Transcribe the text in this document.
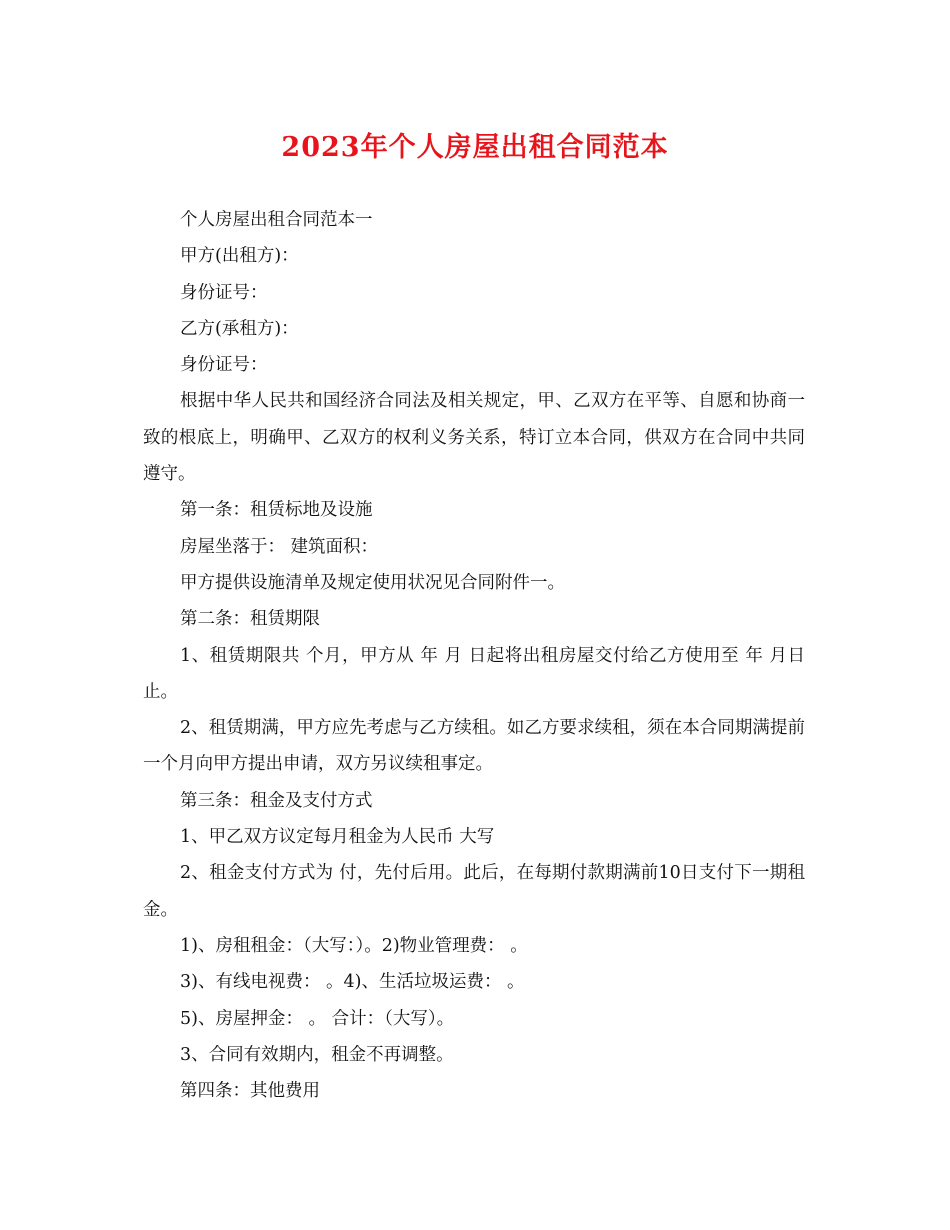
2023年个人房屋出租合同范本

个人房屋出租合同范本一

甲方(出租方)：

身份证号：

乙方(承租方)：

身份证号：

根据中华人民共和国经济合同法及相关规定，甲、乙双方在平等、自愿和协商一致的根底上，明确甲、乙双方的权利义务关系，特订立本合同，供双方在合同中共同遵守。

第一条：租赁标地及设施

房屋坐落于： 建筑面积：

甲方提供设施清单及规定使用状况见合同附件一。

第二条：租赁期限

1、租赁期限共 个月，甲方从 年 月 日起将出租房屋交付给乙方使用至 年 月日止。

2、租赁期满，甲方应先考虑与乙方续租。如乙方要求续租，须在本合同期满提前一个月向甲方提出申请，双方另议续租事定。

第三条：租金及支付方式

1、甲乙双方议定每月租金为人民币 大写

2、租金支付方式为 付，先付后用。此后，在每期付款期满前10日支付下一期租金。

1)、房租租金：（大写：）。2)物业管理费： 。

3)、有线电视费： 。4)、生活垃圾运费： 。

5)、房屋押金： 。 合计：（大写）。

3、合同有效期内，租金不再调整。

第四条：其他费用
